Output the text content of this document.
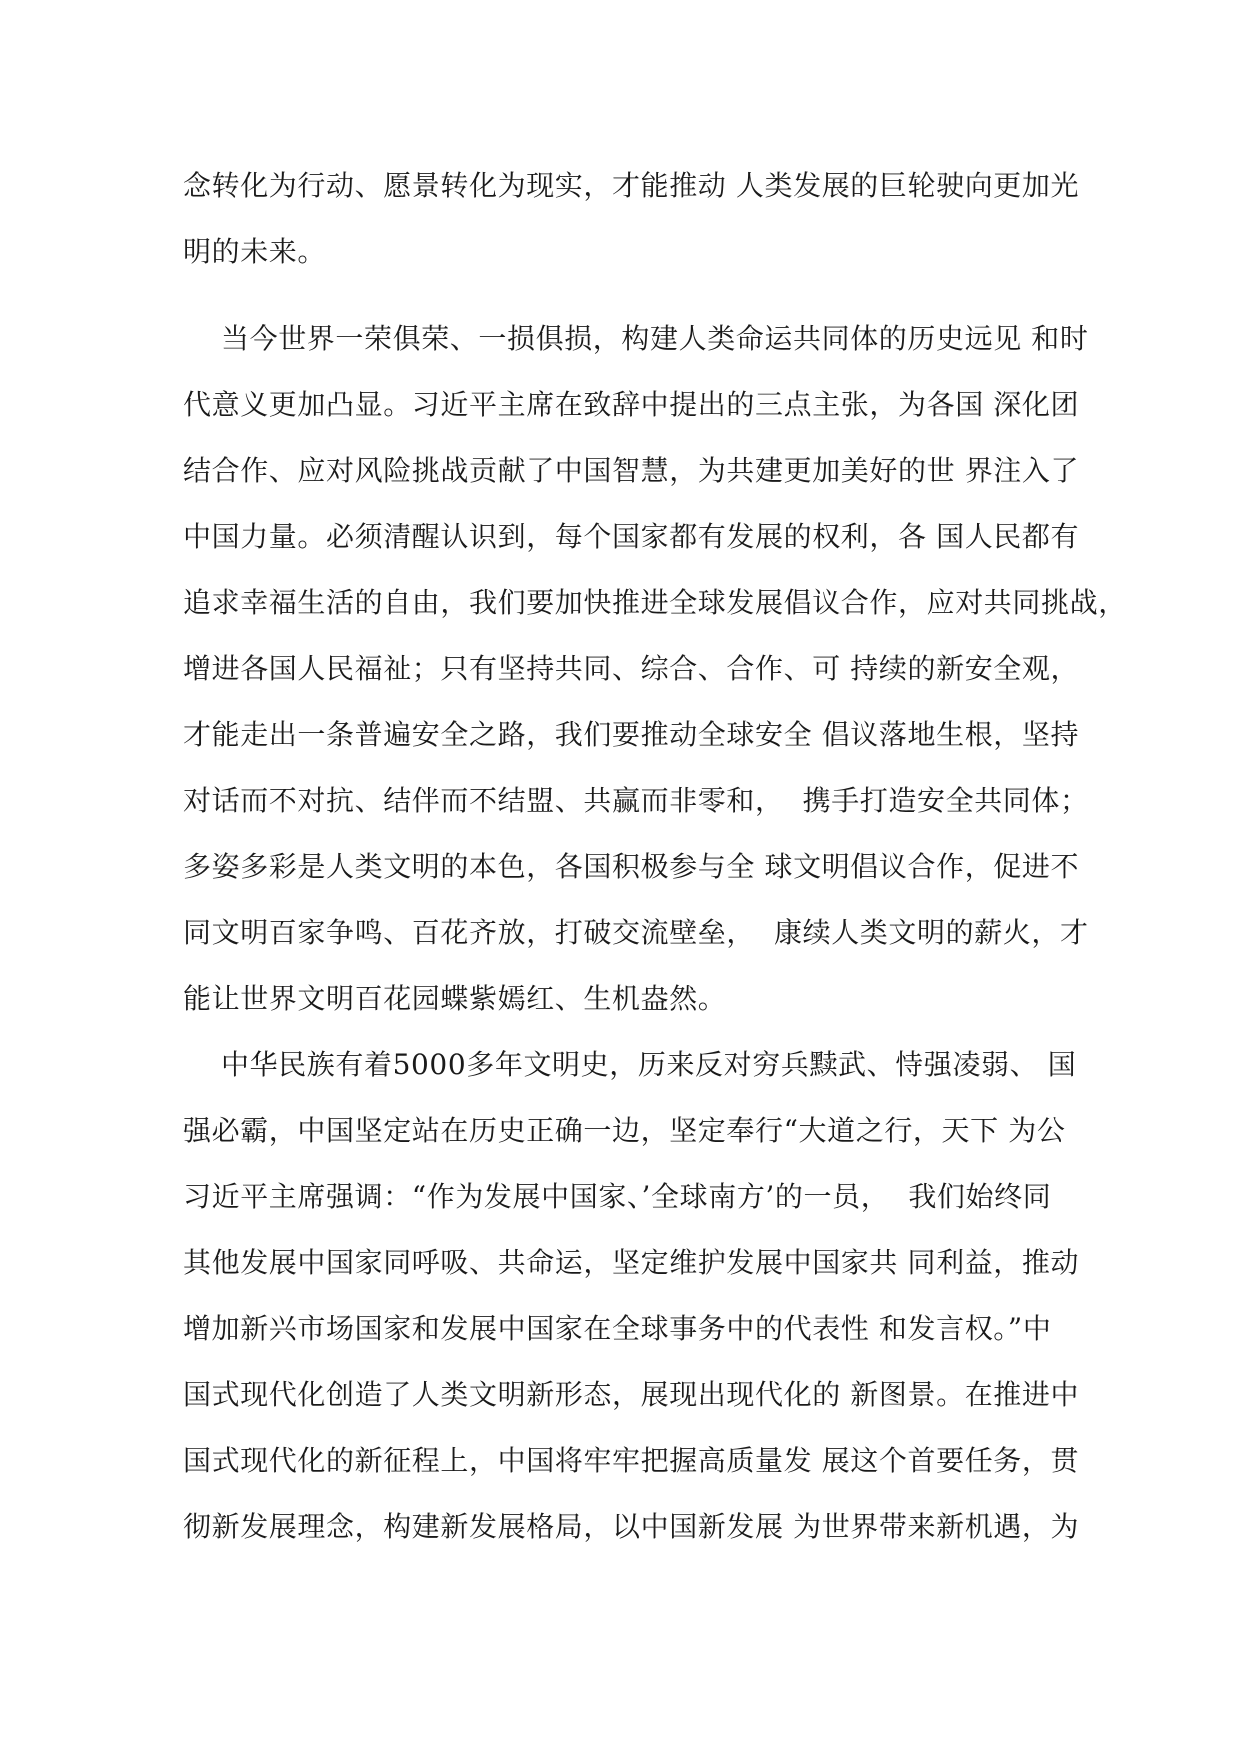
念转化为行动、愿景转化为现实，才能推动 人类发展的巨轮驶向更加光
明的未来。
当今世界一荣俱荣、一损俱损，构建人类命运共同体的历史远见 和时
代意义更加凸显。习近平主席在致辞中提出的三点主张，为各国 深化团
结合作、应对风险挑战贡献了中国智慧，为共建更加美好的世 界注入了
中国力量。必须清醒认识到，每个国家都有发展的权利，各 国人民都有
追求幸福生活的自由，我们要加快推进全球发展倡议合作，应对共同挑战，
增进各国人民福祉；只有坚持共同、综合、合作、可 持续的新安全观，
才能走出一条普遍安全之路，我们要推动全球安全 倡议落地生根，坚持
对话而不对抗、结伴而不结盟、共赢而非零和，  携手打造安全共同体；
多姿多彩是人类文明的本色，各国积极参与全 球文明倡议合作，促进不
同文明百家争鸣、百花齐放，打破交流壁垒，  康续人类文明的薪火，才
能让世界文明百花园蝶紫嫣红、生机盎然。
中华民族有着5000多年文明史，历来反对穷兵黩武、恃强凌弱、 国
强必霸，中国坚定站在历史正确一边，坚定奉行“大道之行，天下 为公
习近平主席强调：“作为发展中国家、’全球南方’的一员，  我们始终同
其他发展中国家同呼吸、共命运，坚定维护发展中国家共 同利益，推动
增加新兴市场国家和发展中国家在全球事务中的代表性 和发言权。”中
国式现代化创造了人类文明新形态，展现出现代化的 新图景。在推进中
国式现代化的新征程上，中国将牢牢把握高质量发 展这个首要任务，贯
彻新发展理念，构建新发展格局，以中国新发展 为世界带来新机遇，为
